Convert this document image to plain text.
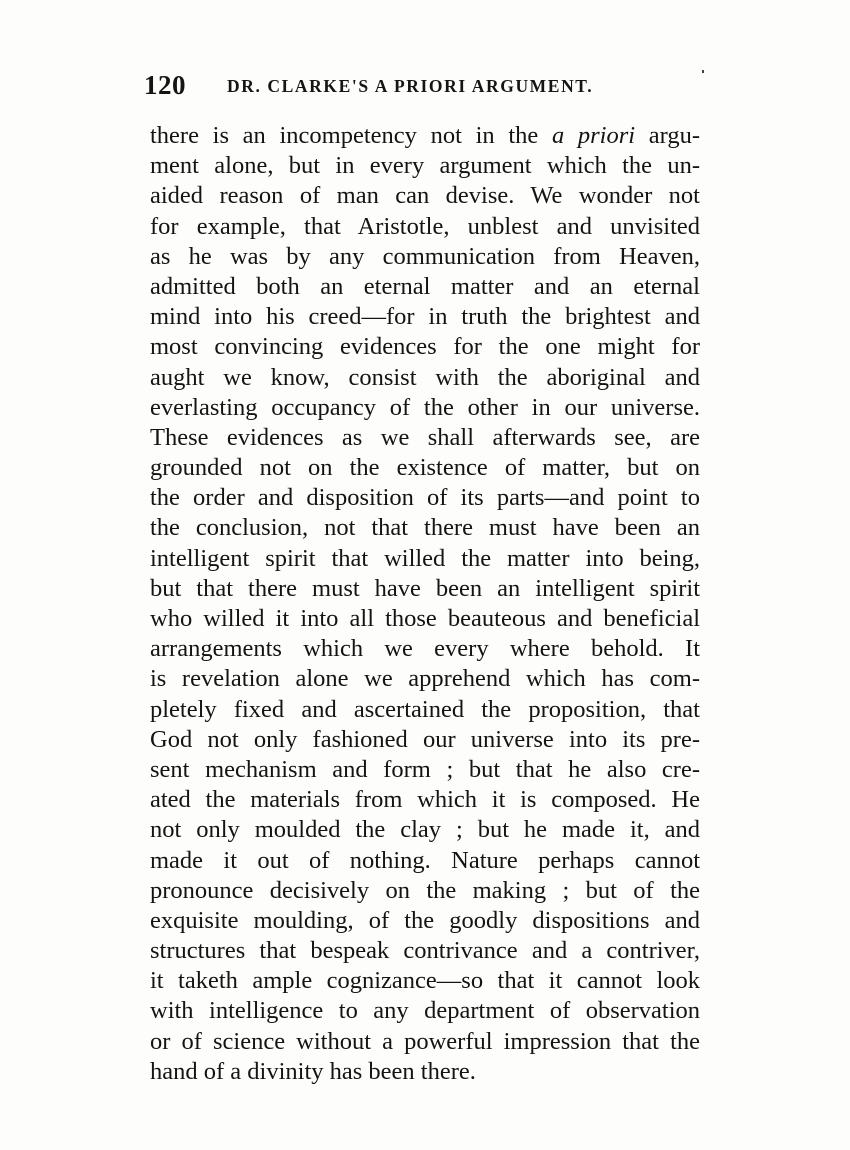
120 DR. CLARKE'S A PRIORI ARGUMENT.
there is an incompetency not in the a priori argu-
ment alone, but in every argument which the un-
aided reason of man can devise. We wonder not
for example, that Aristotle, unblest and unvisited
as he was by any communication from Heaven,
admitted both an eternal matter and an eternal
mind into his creed—for in truth the brightest and
most convincing evidences for the one might for
aught we know, consist with the aboriginal and
everlasting occupancy of the other in our universe.
These evidences as we shall afterwards see, are
grounded not on the existence of matter, but on
the order and disposition of its parts—and point to
the conclusion, not that there must have been an
intelligent spirit that willed the matter into being,
but that there must have been an intelligent spirit
who willed it into all those beauteous and beneficial
arrangements which we every where behold. It
is revelation alone we apprehend which has com-
pletely fixed and ascertained the proposition, that
God not only fashioned our universe into its pre-
sent mechanism and form ; but that he also cre-
ated the materials from which it is composed. He
not only moulded the clay ; but he made it, and
made it out of nothing. Nature perhaps cannot
pronounce decisively on the making ; but of the
exquisite moulding, of the goodly dispositions and
structures that bespeak contrivance and a contriver,
it taketh ample cognizance—so that it cannot look
with intelligence to any department of observation
or of science without a powerful impression that the
hand of a divinity has been there.
